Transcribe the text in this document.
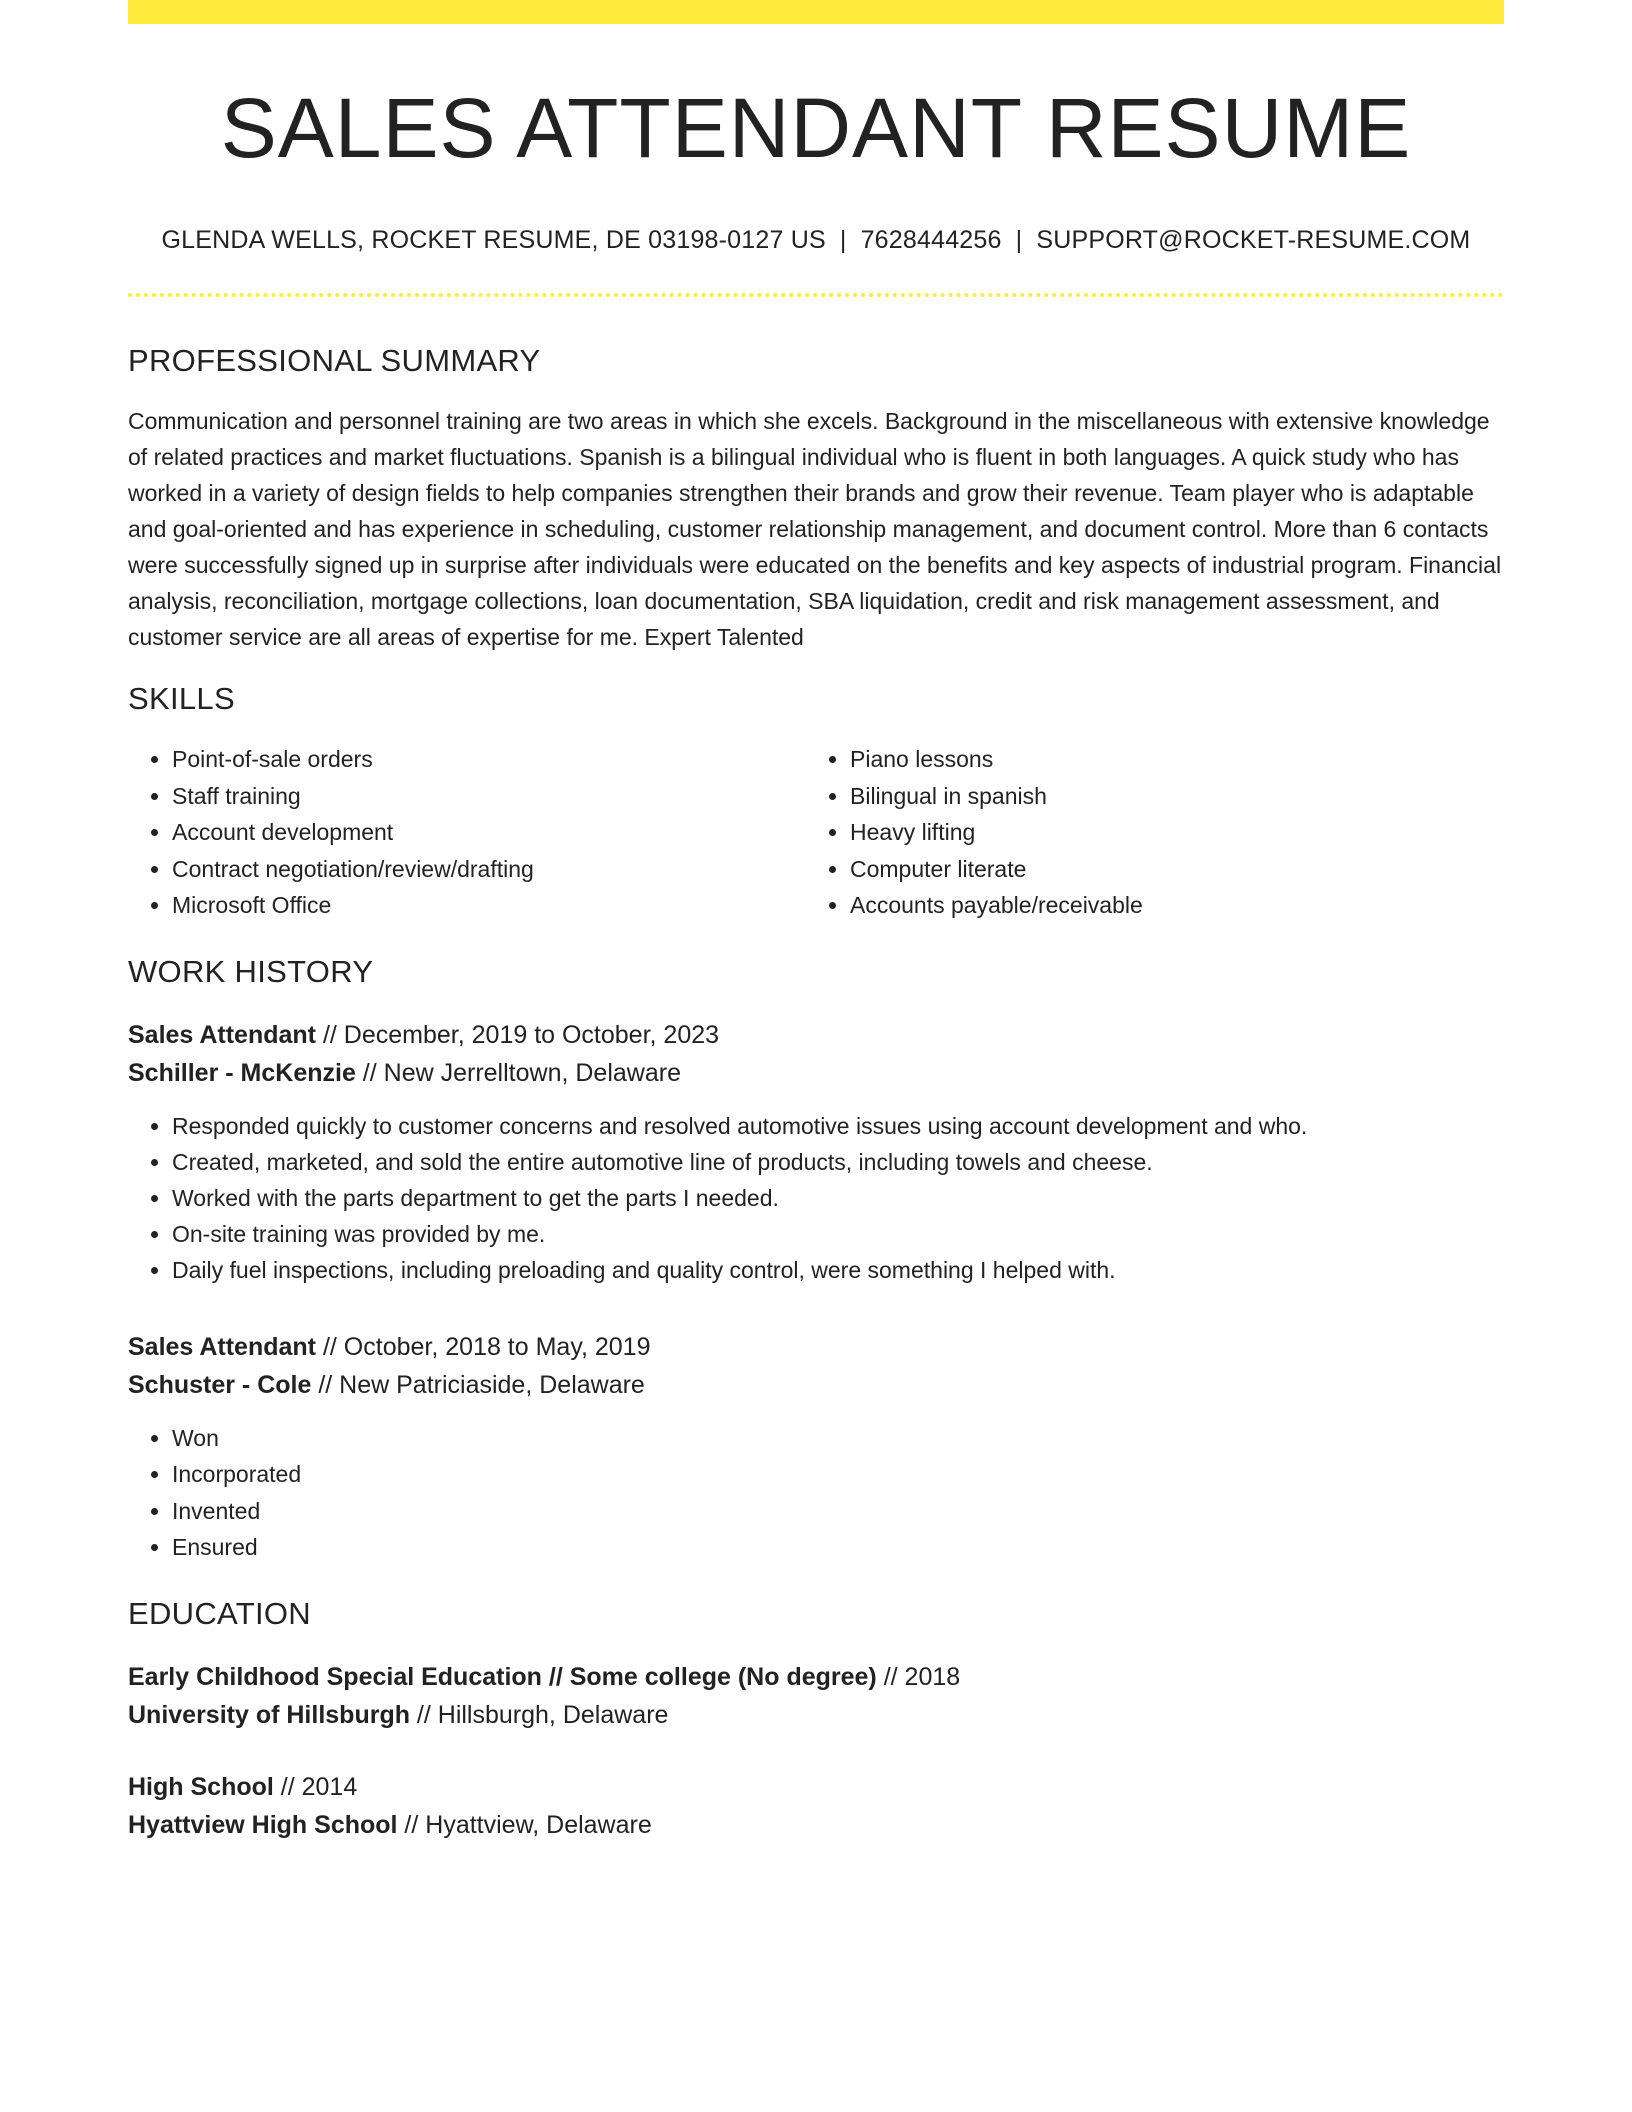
SALES ATTENDANT RESUME
GLENDA WELLS, ROCKET RESUME, DE 03198-0127 US | 7628444256 | SUPPORT@ROCKET-RESUME.COM
PROFESSIONAL SUMMARY

Communication and personnel training are two areas in which she excels. Background in the miscellaneous with extensive knowledge of related practices and market fluctuations. Spanish is a bilingual individual who is fluent in both languages. A quick study who has worked in a variety of design fields to help companies strengthen their brands and grow their revenue. Team player who is adaptable and goal-oriented and has experience in scheduling, customer relationship management, and document control. More than 6 contacts were successfully signed up in surprise after individuals were educated on the benefits and key aspects of industrial program. Financial analysis, reconciliation, mortgage collections, loan documentation, SBA liquidation, credit and risk management assessment, and customer service are all areas of expertise for me. Expert Talented

SKILLS
• Point-of-sale orders
• Staff training
• Account development
• Contract negotiation/review/drafting
• Microsoft Office
• Piano lessons
• Bilingual in spanish
• Heavy lifting
• Computer literate
• Accounts payable/receivable
WORK HISTORY
Sales Attendant // December, 2019 to October, 2023
Schiller - McKenzie // New Jerrelltown, Delaware
• Responded quickly to customer concerns and resolved automotive issues using account development and who.
• Created, marketed, and sold the entire automotive line of products, including towels and cheese.
• Worked with the parts department to get the parts I needed.
• On-site training was provided by me.
• Daily fuel inspections, including preloading and quality control, were something I helped with.
Sales Attendant // October, 2018 to May, 2019
Schuster - Cole // New Patriciaside, Delaware
• Won
• Incorporated
• Invented
• Ensured
EDUCATION
Early Childhood Special Education // Some college (No degree) // 2018
University of Hillsburgh // Hillsburgh, Delaware
High School // 2014
Hyattview High School // Hyattview, Delaware
